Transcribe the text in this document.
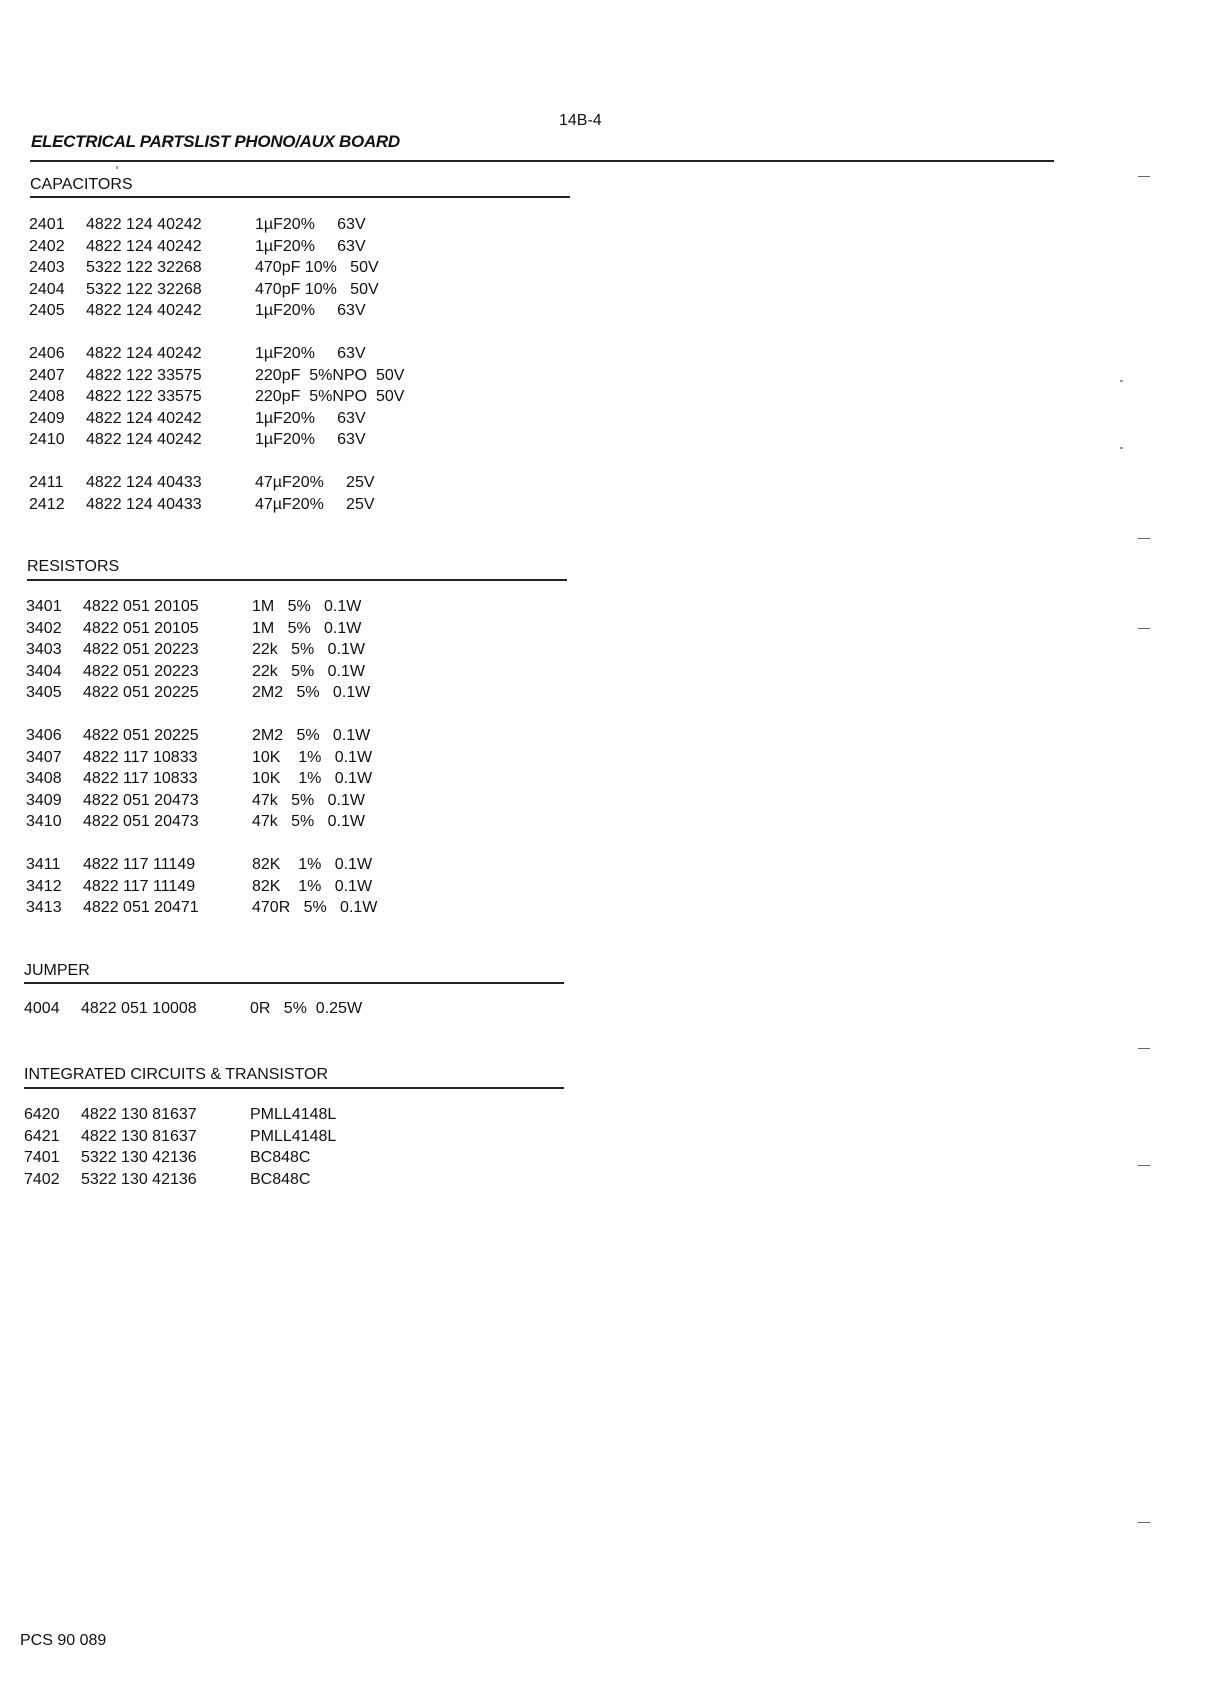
14B-4
ELECTRICAL PARTSLIST PHONO/AUX BOARD
CAPACITORS
2401 4822 124 40242	1µF20%     63V
2402 4822 124 40242	1µF20%     63V
2403 5322 122 32268	470pF 10%   50V
2404 5322 122 32268	470pF 10%   50V
2405 4822 124 40242	1µF20%     63V
2406 4822 124 40242	1µF20%     63V
2407 4822 122 33575	220pF  5%NPO  50V
2408 4822 122 33575	220pF  5%NPO  50V
2409 4822 124 40242	1µF20%     63V
2410 4822 124 40242	1µF20%     63V
2411 4822 124 40433	47µF20%     25V
2412 4822 124 40433	47µF20%     25V
RESISTORS
3401 4822 051 20105	1M   5%   0.1W
3402 4822 051 20105	1M   5%   0.1W
3403 4822 051 20223	22k   5%   0.1W
3404 4822 051 20223	22k   5%   0.1W
3405 4822 051 20225	2M2   5%   0.1W
3406 4822 051 20225	2M2   5%   0.1W
3407 4822 117 10833	10K    1%   0.1W
3408 4822 117 10833	10K    1%   0.1W
3409 4822 051 20473	47k   5%   0.1W
3410 4822 051 20473	47k   5%   0.1W
3411 4822 117 11149	82K    1%   0.1W
3412 4822 117 11149	82K    1%   0.1W
3413 4822 051 20471	470R   5%   0.1W
JUMPER
4004 4822 051 10008	0R   5%  0.25W
INTEGRATED CIRCUITS & TRANSISTOR
6420 4822 130 81637	PMLL4148L
6421 4822 130 81637	PMLL4148L
7401 5322 130 42136	BC848C
7402 5322 130 42136	BC848C
PCS 90 089
